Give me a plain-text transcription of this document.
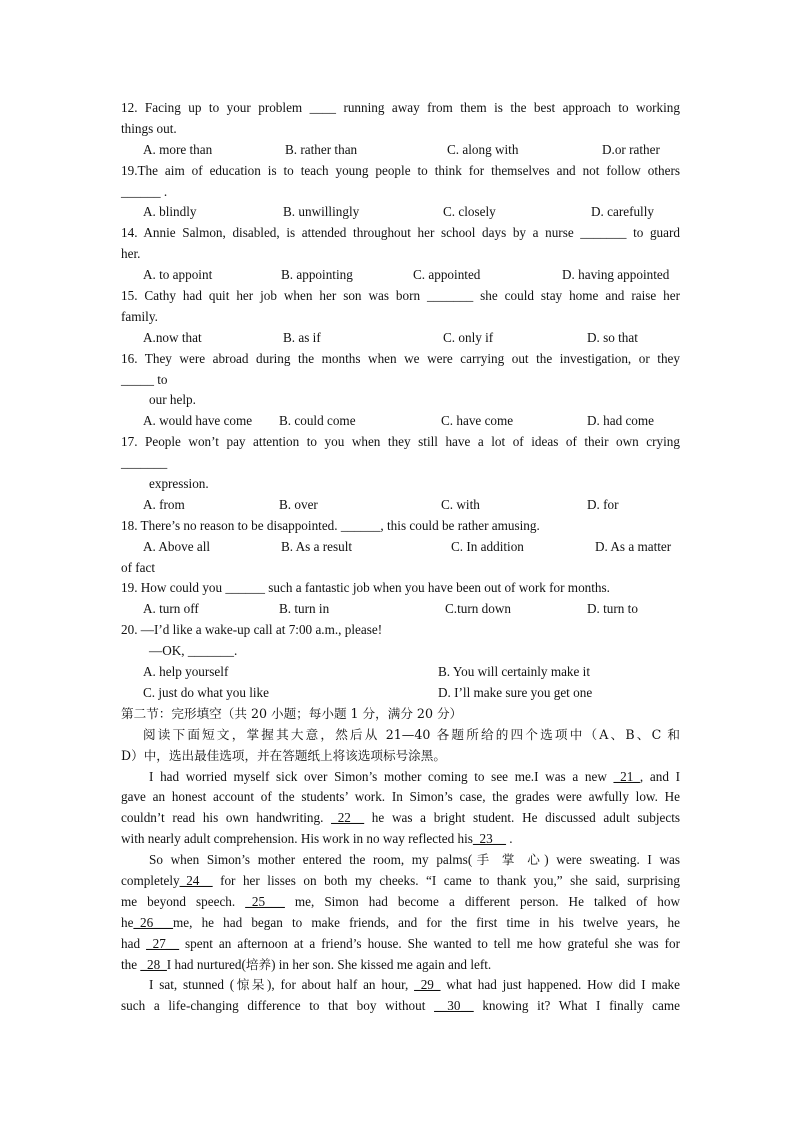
12. Facing up to your problem ____ running away from them is the best approach to working
things out.
A. more than	B. rather than	C. along with	D.or rather
19.The aim of education is to teach young people to think for themselves and not follow others
______ .
A. blindly	B. unwillingly	C. closely	D. carefully
14. Annie Salmon, disabled, is attended throughout her school days by a nurse _______ to guard
her.
A. to appoint	B. appointing	C. appointed	D. having appointed
15. Cathy had quit her job when her son was born _______ she could stay home and raise her
family.
A.now that	B. as if	C. only if	D. so that
16. They were abroad during the months when we were carrying out the investigation, or they
_____ to
our help.
A. would have come B. could come	C. have come	D. had come
17. People won’t pay attention to you when they still have a lot of ideas of their own crying
_______
expression.
A. from	B. over	C. with	D. for
18. There’s no reason to be disappointed. ______, this could be rather amusing.
A. Above all	B. As a result	C. In addition	D. As a matter
of fact
19. How could you ______ such a fantastic job when you have been out of work for months.
A. turn off	B. turn in	C.turn down	D. turn to
20. —I’d like a wake-up call at 7:00 a.m., please!
—OK, _______.
A. help yourself	B. You will certainly make it
C. just do what you like	D. I’ll make sure you get one
第二节：完形填空（共 20 小题；每小题 1 分，满分 20 分）
阅读下面短文，掌握其大意，然后从 21—40 各题所给的四个选项中（A、B、C 和
D）中，选出最佳选项，并在答题纸上将该选项标号涂黑。
I had worried myself sick over Simon’s mother coming to see me.I was a new _21_, and I
gave an honest account of the students’ work. In Simon’s case, the grades were awfully low. He
couldn’t read his own handwriting. _22__ he was a bright student. He discussed adult subjects
with nearly adult comprehension. His work in no way reflected his_23__ .
So when Simon’s mother entered the room, my palms(手 掌 心) were sweating. I was
completely_24__ for her lisses on both my cheeks. “I came to thank you,” she said, surprising
me beyond speech. _25___ me, Simon had become a different person. He talked of how
he_26___me, he had began to make friends, and for the first time in his twelve years, he
had _27__ spent an afternoon at a friend’s house. She wanted to tell me how grateful she was for
the _28_I had nurtured(培养) in her son. She kissed me again and left.
I sat, stunned (惊呆), for about half an hour, _29_ what had just happened. How did I make
such a life-changing difference to that boy without __30__ knowing it? What I finally came
